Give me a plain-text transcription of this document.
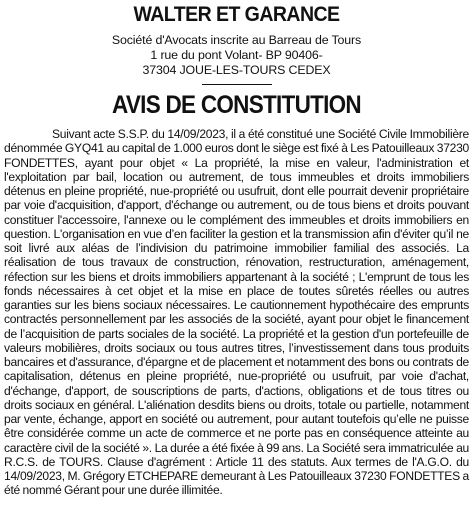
WALTER ET GARANCE
Société d'Avocats inscrite au Barreau de Tours
1 rue du pont Volant- BP 90406-
37304 JOUE-LES-TOURS CEDEX
AVIS DE CONSTITUTION

Suivant acte S.S.P. du 14/09/2023, il a été constitué une Société Civile Immobilière dénommée GYQ41 au capital de 1.000 euros dont le siège est fixé à Les Patouilleaux 37230 FONDETTES, ayant pour objet « La propriété, la mise en valeur, l'administration et l'exploitation par bail, location ou autrement, de tous immeubles et droits immobiliers détenus en pleine propriété, nue-propriété ou usufruit, dont elle pourrait devenir propriétaire par voie d'acquisition, d'apport, d'échange ou autrement, ou de tous biens et droits pouvant constituer l'accessoire, l'annexe ou le complément des immeubles et droits immobiliers en question. L'organisation en vue d’en faciliter la gestion et la transmission afin d'éviter qu’il ne soit livré aux aléas de l’indivision du patrimoine immobilier familial des associés. La réalisation de tous travaux de construction, rénovation, restructuration, aménagement, réfection sur les biens et droits immobiliers appartenant à la société ; L'emprunt de tous les fonds nécessaires à cet objet et la mise en place de toutes sûretés réelles ou autres garanties sur les biens sociaux nécessaires. Le cautionnement hypothécaire des emprunts contractés personnellement par les associés de la société, ayant pour objet le financement de l’acquisition de parts sociales de la société. La propriété et la gestion d'un portefeuille de valeurs mobilières, droits sociaux ou tous autres titres, l’investissement dans tous produits bancaires et d'assurance, d'épargne et de placement et notamment des bons ou contrats de capitalisation, détenus en pleine propriété, nue-propriété ou usufruit, par voie d'achat, d'échange, d'apport, de souscriptions de parts, d'actions, obligations et de tous titres ou droits sociaux en général. L'aliénation desdits biens ou droits, totale ou partielle, notamment par vente, échange, apport en société ou autrement, pour autant toutefois qu’elle ne puisse être considérée comme un acte de commerce et ne porte pas en conséquence atteinte au caractère civil de la société ». La durée a été fixée à 99 ans. La Société sera immatriculée au R.C.S. de TOURS. Clause d'agrément : Article 11 des statuts. Aux termes de l'A.G.O. du 14/09/2023, M. Grégory ETCHEPARE demeurant à Les Patouilleaux 37230 FONDETTES a été nommé Gérant pour une durée illimitée.
